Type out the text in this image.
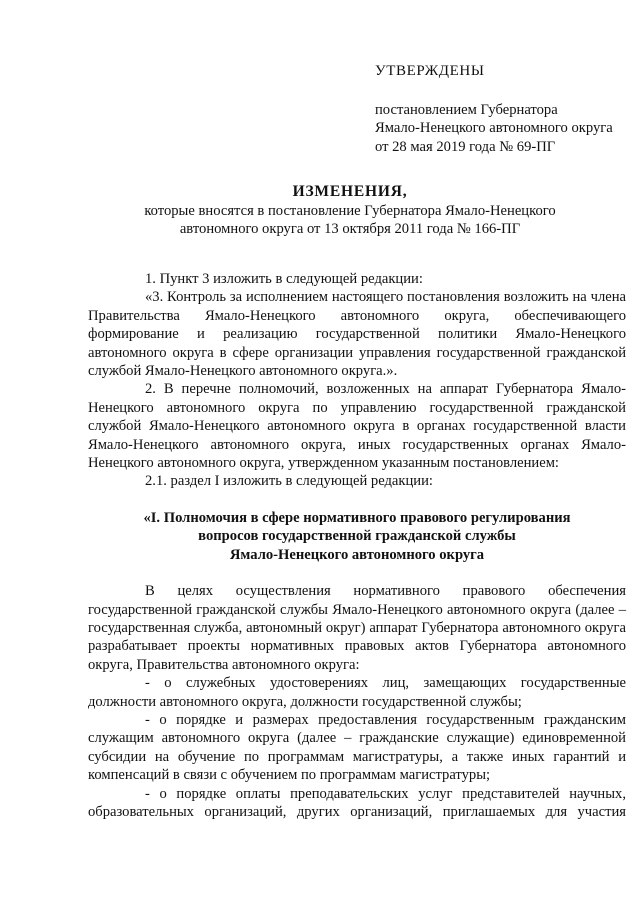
УТВЕРЖДЕНЫ
постановлением Губернатора
Ямало-Ненецкого автономного округа
от 28 мая 2019 года № 69-ПГ
ИЗМЕНЕНИЯ,
которые вносятся в постановление Губернатора Ямало-Ненецкого
автономного округа от 13 октября 2011 года № 166-ПГ

1. Пункт 3 изложить в следующей редакции:

«3. Контроль за исполнением настоящего постановления возложить на члена Правительства Ямало-Ненецкого автономного округа, обеспечивающего формирование и реализацию государственной политики Ямало-Ненецкого автономного округа в сфере организации управления государственной гражданской службой Ямало-Ненецкого автономного округа.».

2. В перечне полномочий, возложенных на аппарат Губернатора Ямало-Ненецкого автономного округа по управлению государственной гражданской службой Ямало-Ненецкого автономного округа в органах государственной власти Ямало-Ненецкого автономного округа, иных государственных органах Ямало-Ненецкого автономного округа, утвержденном указанным постановлением:

2.1. раздел I изложить в следующей редакции:

«I. Полномочия в сфере нормативного правового регулирования
вопросов государственной гражданской службы
Ямало-Ненецкого автономного округа

В целях осуществления нормативного правового обеспечения государственной гражданской службы Ямало-Ненецкого автономного округа (далее – государственная служба, автономный округ) аппарат Губернатора автономного округа разрабатывает проекты нормативных правовых актов Губернатора автономного округа, Правительства автономного округа:

- о служебных удостоверениях лиц, замещающих государственные должности автономного округа, должности государственной службы;

- о порядке и размерах предоставления государственным гражданским служащим автономного округа (далее – гражданские служащие) единовременной субсидии на обучение по программам магистратуры, а также иных гарантий и компенсаций в связи с обучением по программам магистратуры;

- о порядке оплаты преподавательских услуг представителей научных, образовательных организаций, других организаций, приглашаемых для участия
